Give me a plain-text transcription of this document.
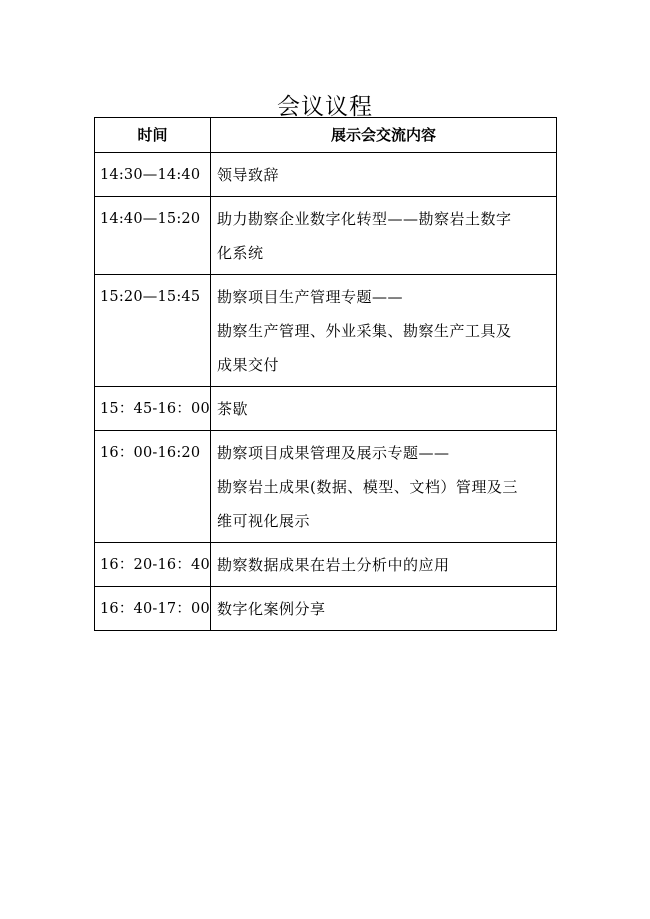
会议议程
时间	展示会交流内容
14:30—14:40	领导致辞

14:40—15:20	助力勘察企业数字化转型——勘察岩土数字
化系统

15:20—15:45	勘察项目生产管理专题——
勘察生产管理、外业采集、勘察生产工具及
成果交付

15：45-16：00	茶歇

16：00-16:20	勘察项目成果管理及展示专题——
勘察岩土成果(数据、模型、文档）管理及三
维可视化展示

16：20-16：40	勘察数据成果在岩土分析中的应用

16：40-17：00	数字化案例分享
